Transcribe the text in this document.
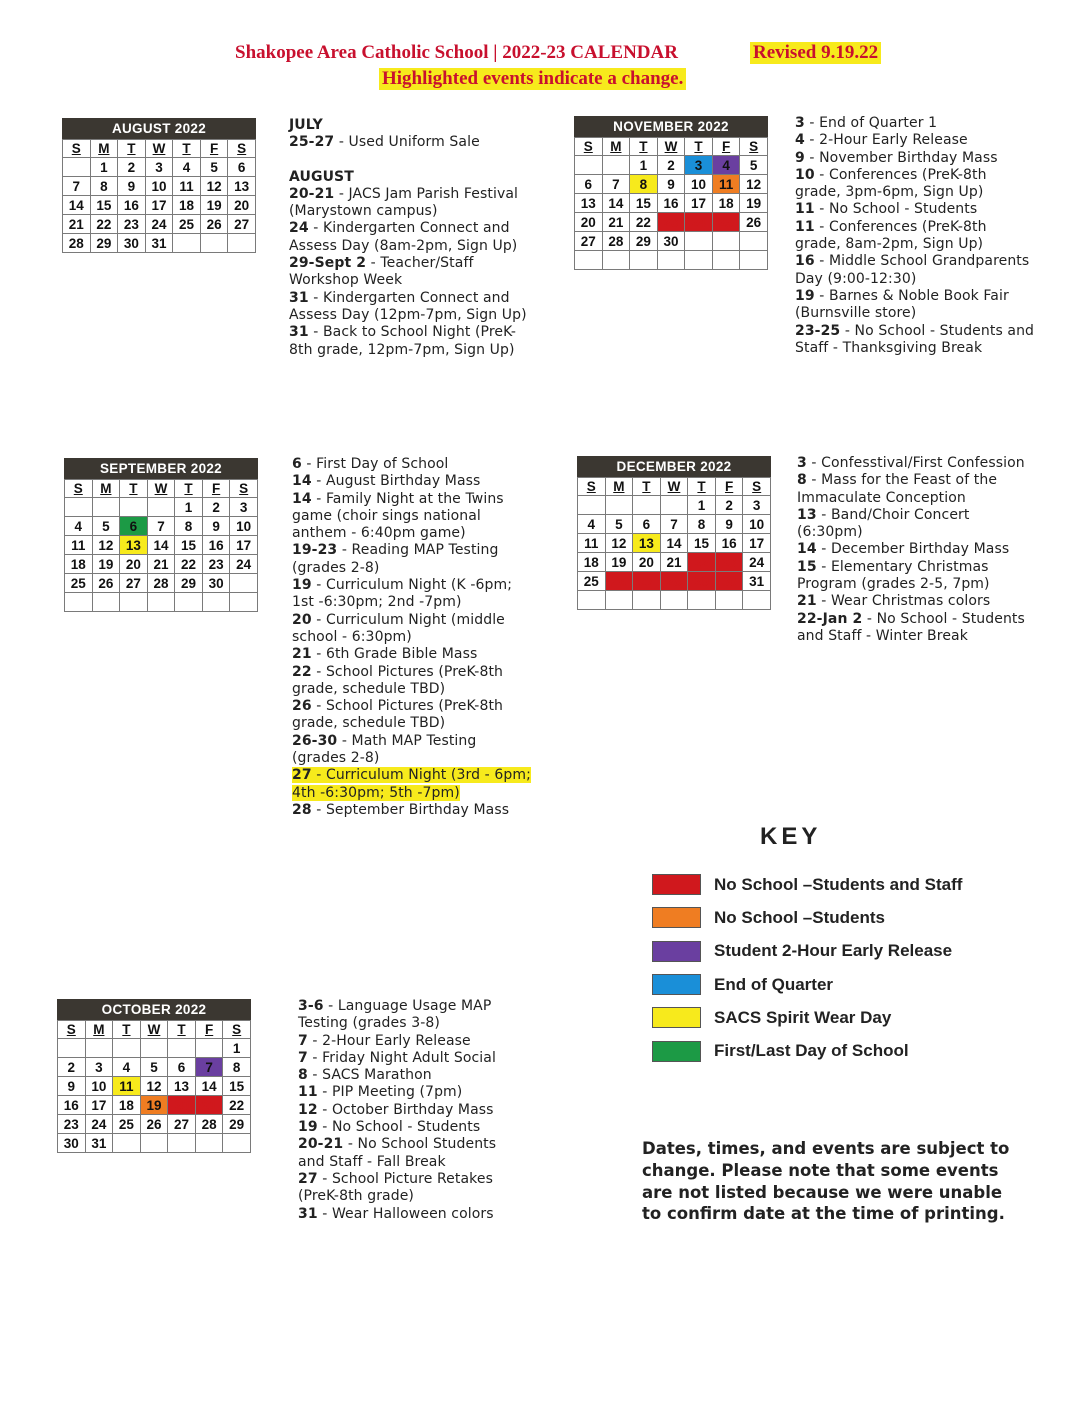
Shakopee Area Catholic School | 2022-23 CALENDAR	Revised 9.19.22
Highlighted events indicate a change.
AUGUST 2022
S	M	T	W	T	F	S
	1	2	3	4	5	6
7	8	9	10	11	12	13
14	15	16	17	18	19	20
21	22	23	24	25	26	27
28	29	30	31			
SEPTEMBER 2022
S	M	T	W	T	F	S
				1	2	3
4	5	6	7	8	9	10
11	12	13	14	15	16	17
18	19	20	21	22	23	24
25	26	27	28	29	30	

OCTOBER 2022
S	M	T	W	T	F	S
						1
2	3	4	5	6	7	8
9	10	11	12	13	14	15
16	17	18	19	20	21	22
23	24	25	26	27	28	29
30	31					
NOVEMBER 2022
S	M	T	W	T	F	S
		1	2	3	4	5
6	7	8	9	10	11	12
13	14	15	16	17	18	19
20	21	22	23	24	25	26
27	28	29	30			

DECEMBER 2022
S	M	T	W	T	F	S
				1	2	3
4	5	6	7	8	9	10
11	12	13	14	15	16	17
18	19	20	21	22	23	24
25	26	27	28	29	30	31

JULY
25-27 - Used Uniform Sale
AUGUST
20-21 - JACS Jam Parish Festival (Marystown campus)
24 - Kindergarten Connect and Assess Day (8am-2pm, Sign Up)
29-Sept 2 - Teacher/Staff Workshop Week
31 - Kindergarten Connect and Assess Day (12pm-7pm, Sign Up)
31 - Back to School Night (PreK-8th grade, 12pm-7pm, Sign Up)
6 - First Day of School
14 - August Birthday Mass
14 - Family Night at the Twins game (choir sings national anthem - 6:40pm game)
19-23 - Reading MAP Testing (grades 2-8)
19 - Curriculum Night (K -6pm; 1st -6:30pm; 2nd -7pm)
20 - Curriculum Night (middle school - 6:30pm)
21 - 6th Grade Bible Mass
22 - School Pictures (PreK-8th grade, schedule TBD)
26 - School Pictures (PreK-8th grade, schedule TBD)
26-30 - Math MAP Testing (grades 2-8)
27 - Curriculum Night (3rd - 6pm; 4th -6:30pm; 5th -7pm)
28 - September Birthday Mass
3-6 - Language Usage MAP Testing (grades 3-8)
7 - 2-Hour Early Release
7 - Friday Night Adult Social
8 - SACS Marathon
11 - PIP Meeting (7pm)
12 - October Birthday Mass
19 - No School - Students
20-21 - No School Students and Staff - Fall Break
27 - School Picture Retakes (PreK-8th grade)
31 - Wear Halloween colors
3 - End of Quarter 1
4 - 2-Hour Early Release
9 - November Birthday Mass
10 - Conferences (PreK-8th grade, 3pm-6pm, Sign Up)
11 - No School - Students
11 - Conferences (PreK-8th grade, 8am-2pm, Sign Up)
16 - Middle School Grandparents Day (9:00-12:30)
19 - Barnes & Noble Book Fair (Burnsville store)
23-25 - No School - Students and Staff - Thanksgiving Break
3 - Confesstival/First Confession
8 - Mass for the Feast of the Immaculate Conception
13 - Band/Choir Concert (6:30pm)
14 - December Birthday Mass
15 - Elementary Christmas Program (grades 2-5, 7pm)
21 - Wear Christmas colors
22-Jan 2 - No School - Students and Staff - Winter Break
KEY
No School –Students and Staff
No School –Students
Student 2-Hour Early Release
End of Quarter
SACS Spirit Wear Day
First/Last Day of School
Dates, times, and events are subject to change. Please note that some events are not listed because we were unable to confirm date at the time of printing.
